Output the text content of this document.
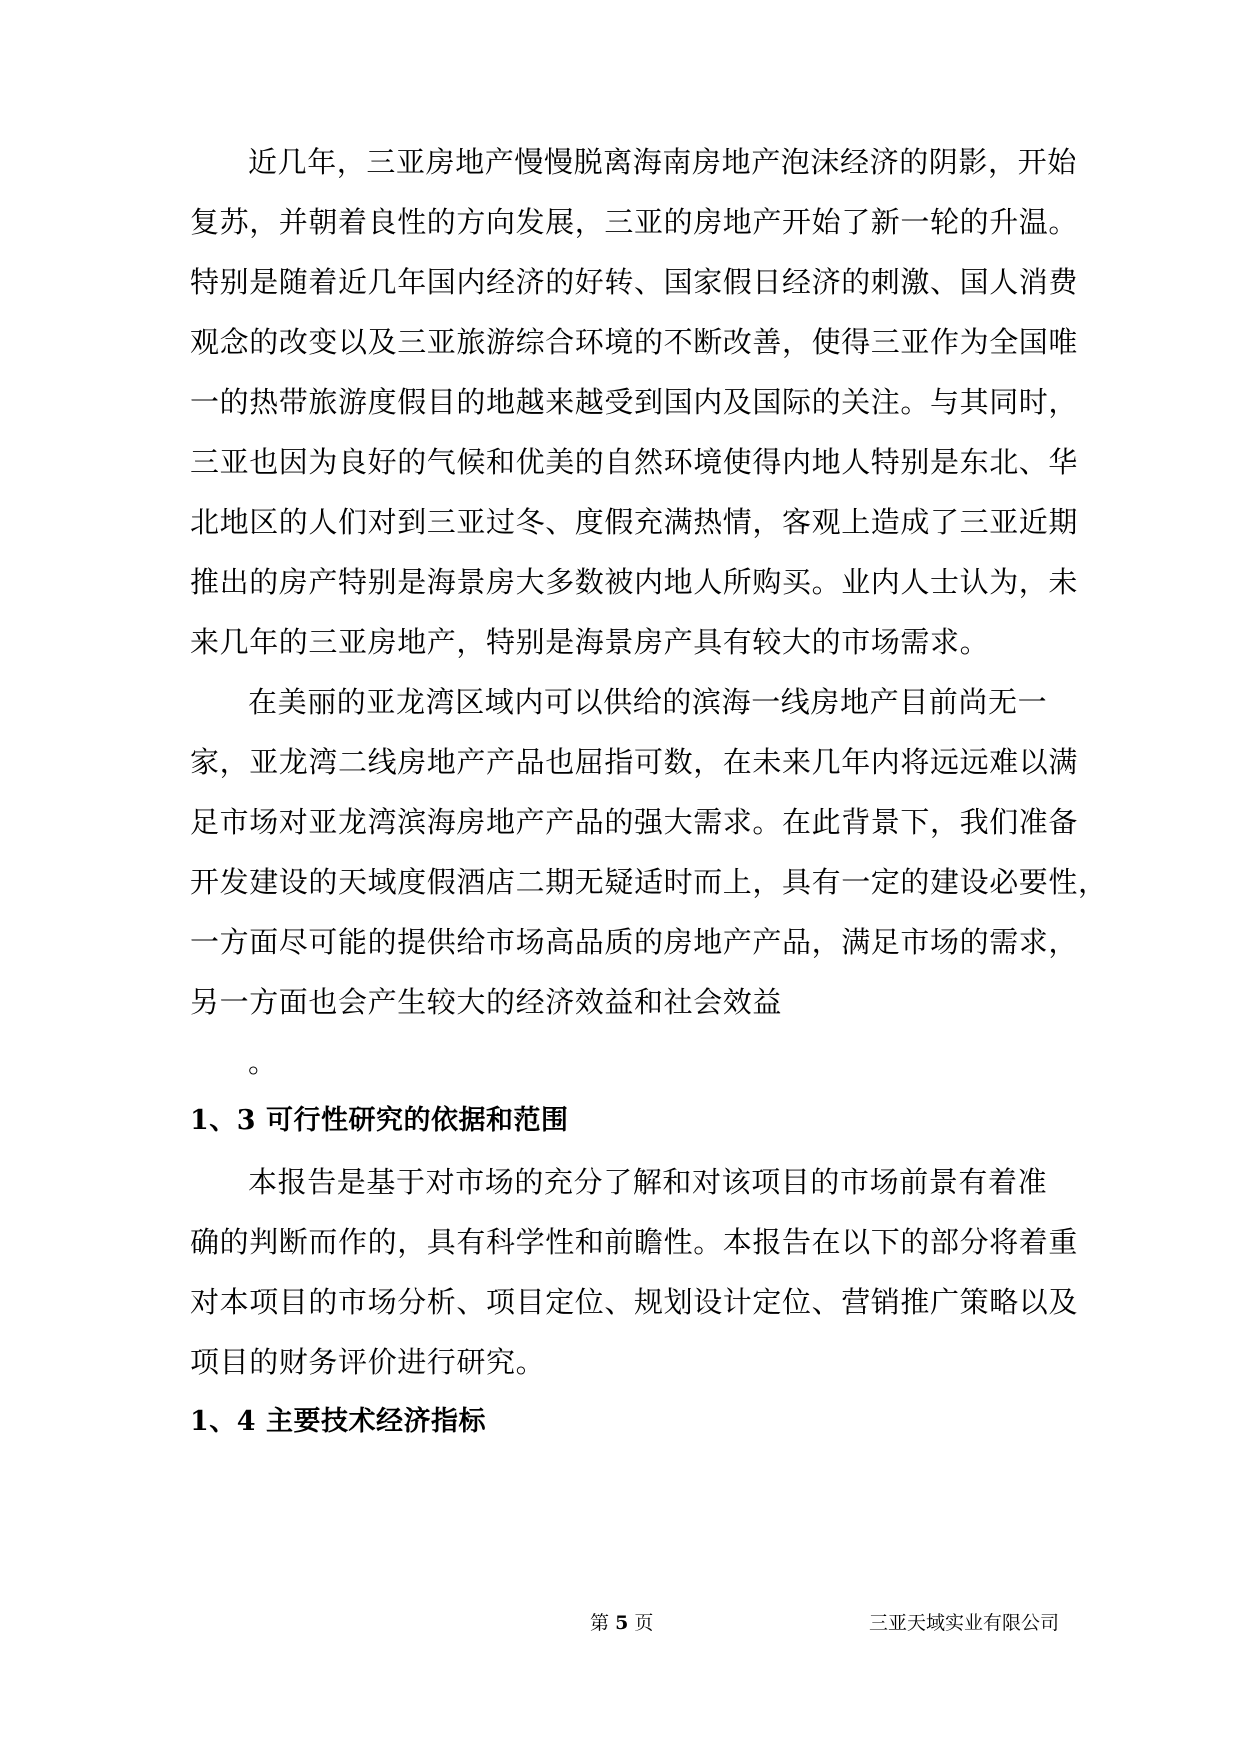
近几年，三亚房地产慢慢脱离海南房地产泡沫经济的阴影，开始
复苏，并朝着良性的方向发展，三亚的房地产开始了新一轮的升温。
特别是随着近几年国内经济的好转、国家假日经济的刺激、国人消费
观念的改变以及三亚旅游综合环境的不断改善，使得三亚作为全国唯
一的热带旅游度假目的地越来越受到国内及国际的关注。与其同时，
三亚也因为良好的气候和优美的自然环境使得内地人特别是东北、华
北地区的人们对到三亚过冬、度假充满热情，客观上造成了三亚近期
推出的房产特别是海景房大多数被内地人所购买。业内人士认为，未
来几年的三亚房地产，特别是海景房产具有较大的市场需求。
在美丽的亚龙湾区域内可以供给的滨海一线房地产目前尚无一
家，亚龙湾二线房地产产品也屈指可数，在未来几年内将远远难以满
足市场对亚龙湾滨海房地产产品的强大需求。在此背景下，我们准备
开发建设的天域度假酒店二期无疑适时而上，具有一定的建设必要性，
一方面尽可能的提供给市场高品质的房地产产品，满足市场的需求，
另一方面也会产生较大的经济效益和社会效益
。
1、3 可行性研究的依据和范围
本报告是基于对市场的充分了解和对该项目的市场前景有着准
确的判断而作的，具有科学性和前瞻性。本报告在以下的部分将着重
对本项目的市场分析、项目定位、规划设计定位、营销推广策略以及
项目的财务评价进行研究。
1、4 主要技术经济指标
第 5 页	三亚天域实业有限公司
